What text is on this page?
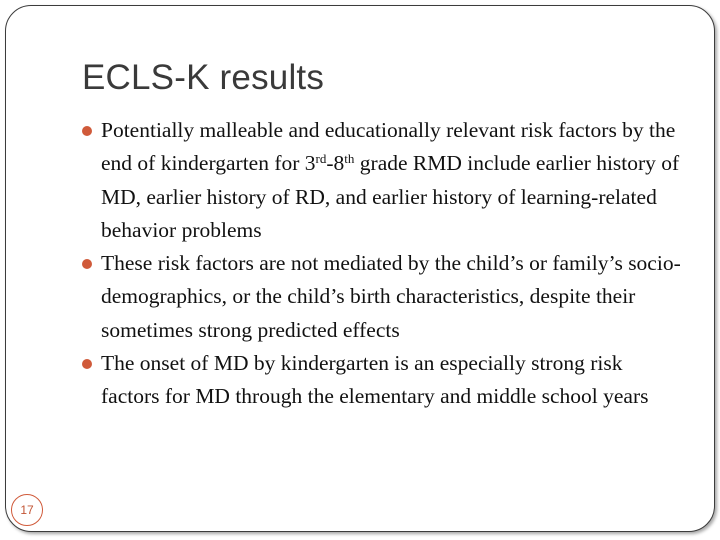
ECLS-K results
Potentially malleable and educationally relevant risk factors by the end of kindergarten for 3rd-8th grade RMD include earlier history of MD, earlier history of RD, and earlier history of learning-related behavior problems
These risk factors are not mediated by the child’s or family’s socio-demographics, or the child’s birth characteristics, despite their sometimes strong predicted effects
The onset of MD by kindergarten is an especially strong risk factors for MD through the elementary and middle school years
17
